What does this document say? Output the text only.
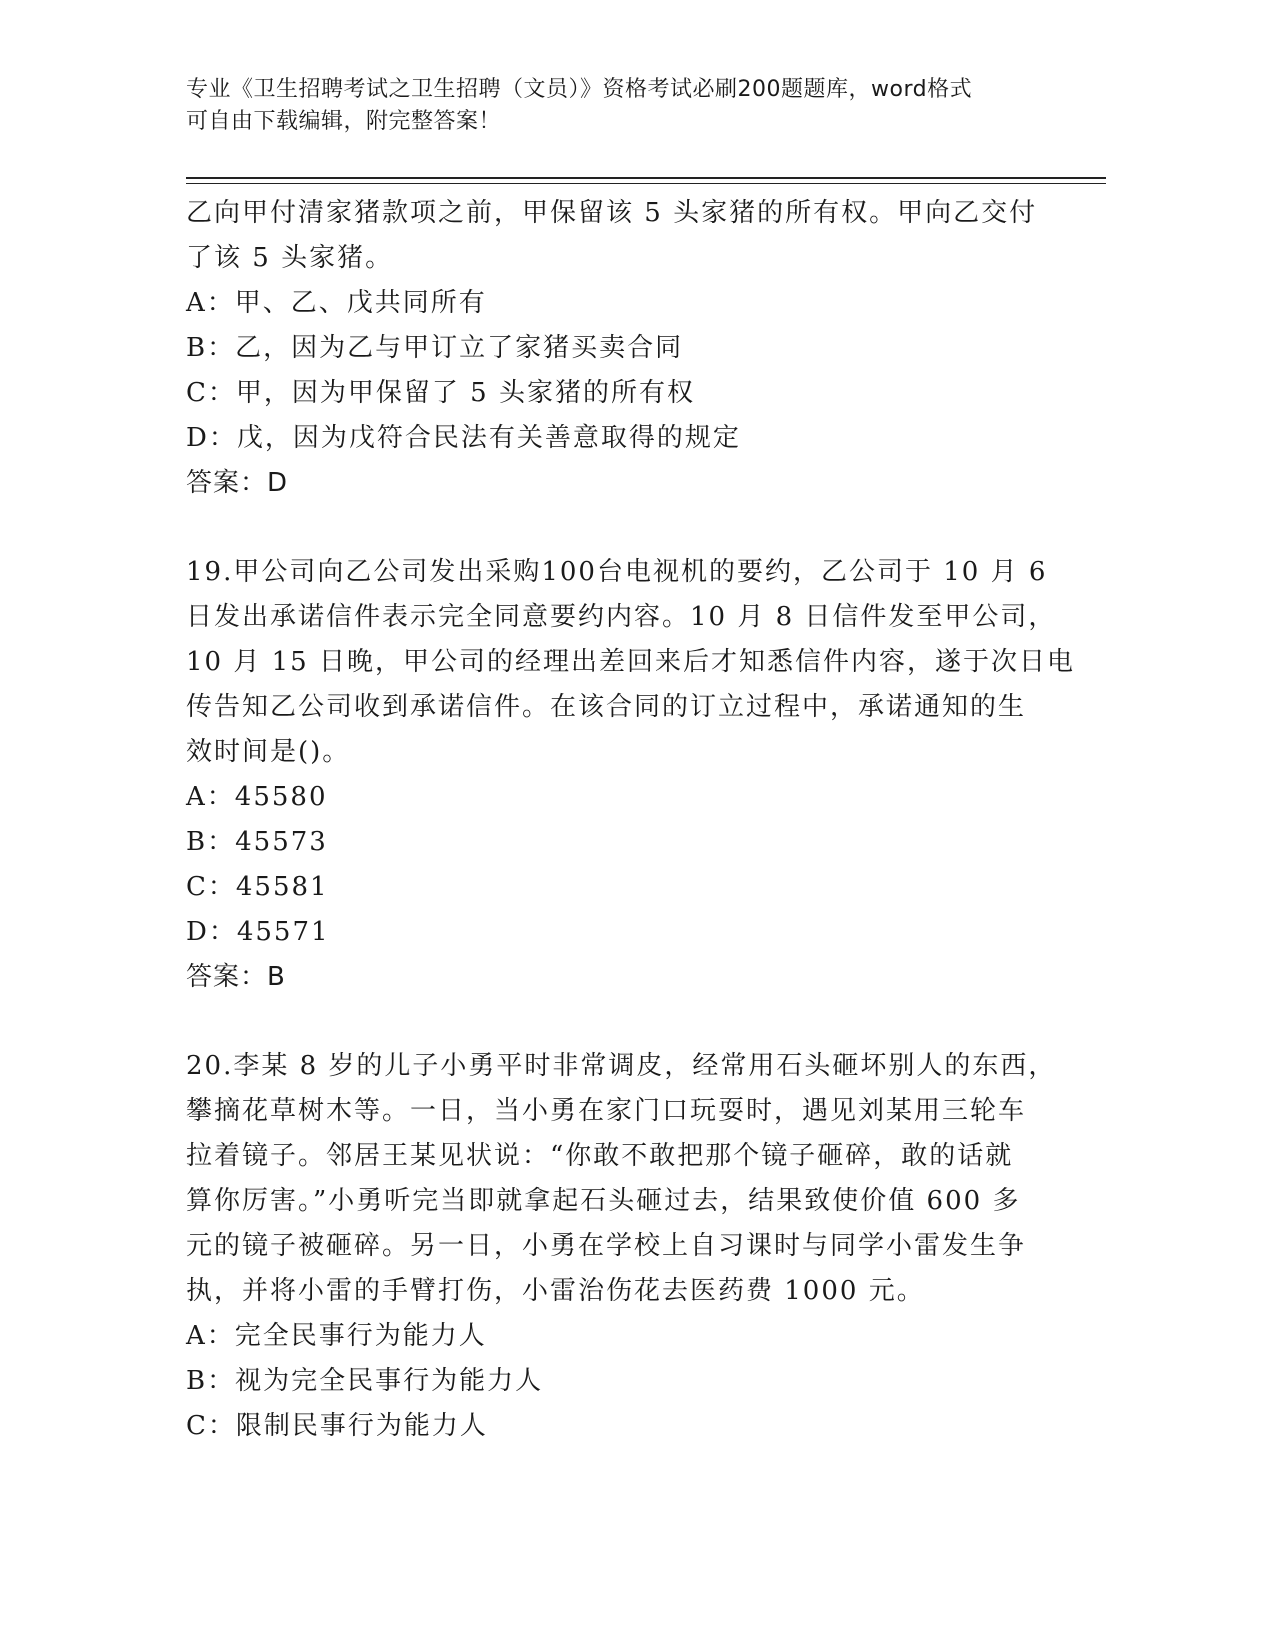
专业《卫生招聘考试之卫生招聘（文员）》资格考试必刷200题题库，word格式
可自由下载编辑，附完整答案！

乙向甲付清家猪款项之前，甲保留该 5 头家猪的所有权。甲向乙交付

了该 5 头家猪。

A：甲、乙、戊共同所有

B：乙，因为乙与甲订立了家猪买卖合同

C：甲，因为甲保留了 5 头家猪的所有权

D：戊，因为戊符合民法有关善意取得的规定

答案：D

19.甲公司向乙公司发出采购100台电视机的要约，乙公司于 10 月 6

日发出承诺信件表示完全同意要约内容。10 月 8 日信件发至甲公司，

10 月 15 日晚，甲公司的经理出差回来后才知悉信件内容，遂于次日电

传告知乙公司收到承诺信件。在该合同的订立过程中，承诺通知的生

效时间是()。

A：45580

B：45573

C：45581

D：45571

答案：B

20.李某 8 岁的儿子小勇平时非常调皮，经常用石头砸坏别人的东西，

攀摘花草树木等。一日，当小勇在家门口玩耍时，遇见刘某用三轮车

拉着镜子。邻居王某见状说：“你敢不敢把那个镜子砸碎，敢的话就

算你厉害。”小勇听完当即就拿起石头砸过去，结果致使价值 600 多

元的镜子被砸碎。另一日，小勇在学校上自习课时与同学小雷发生争

执，并将小雷的手臂打伤，小雷治伤花去医药费 1000 元。

A：完全民事行为能力人

B：视为完全民事行为能力人

C：限制民事行为能力人
